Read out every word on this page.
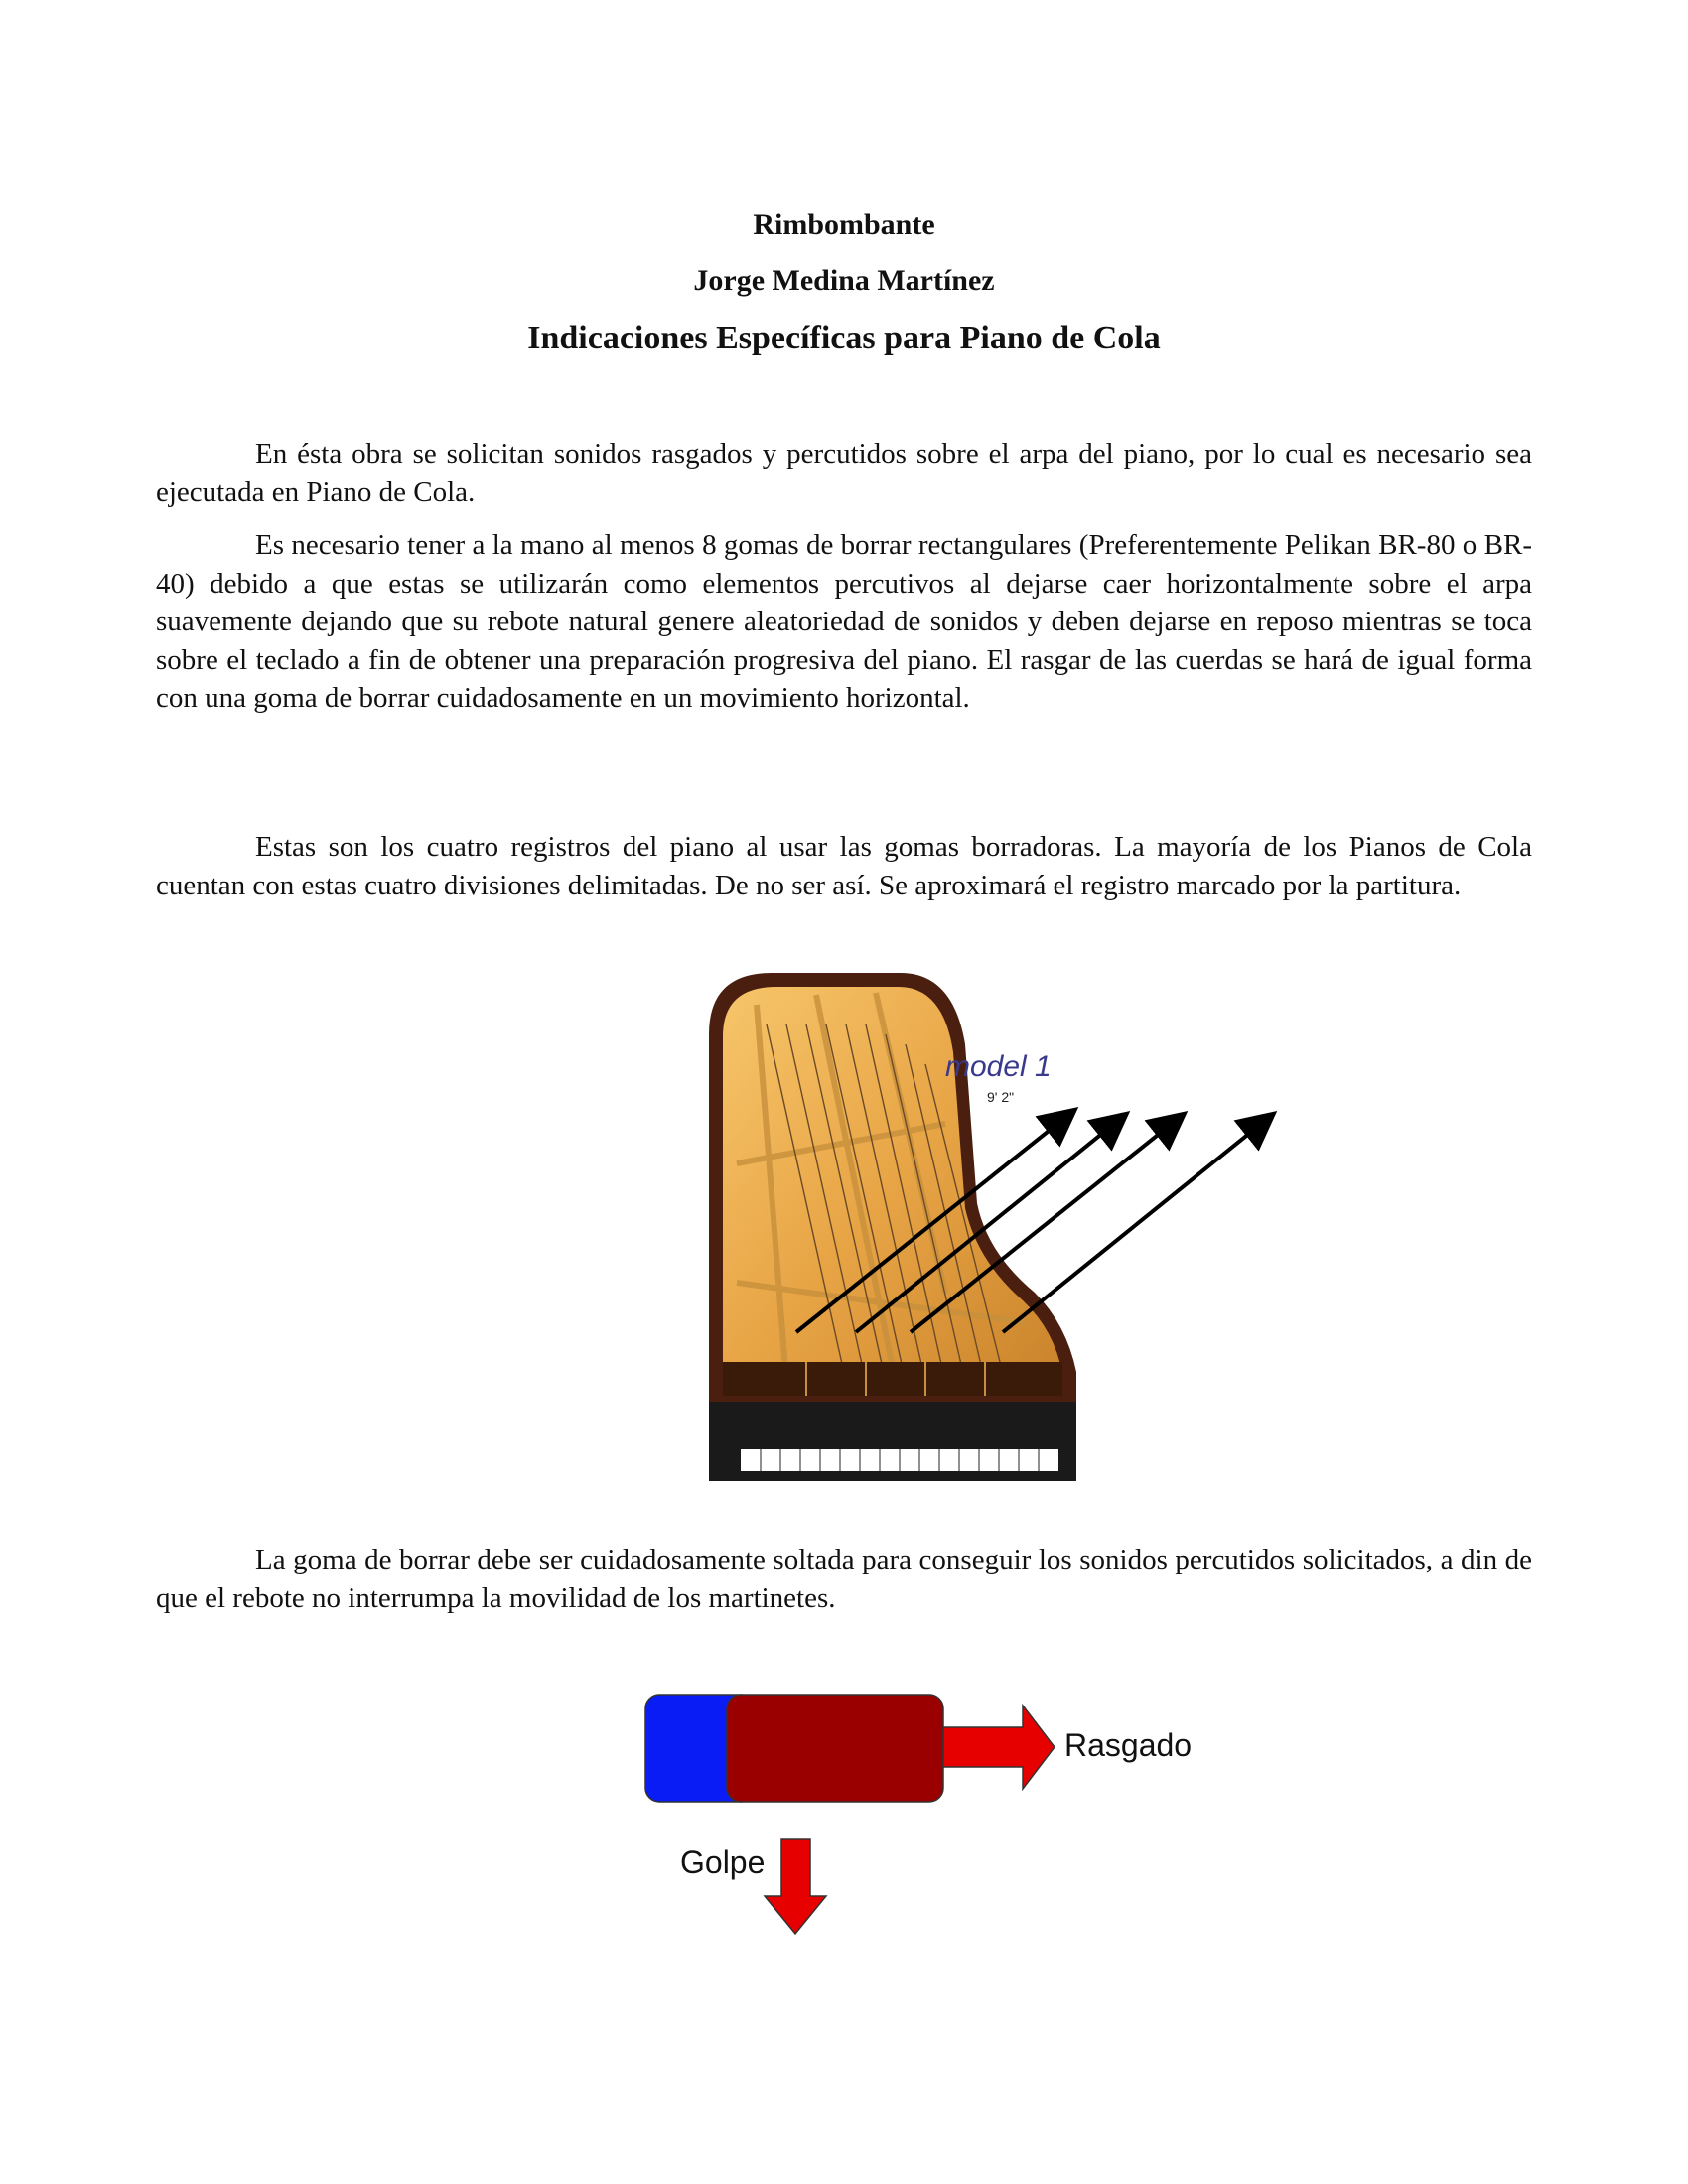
Rimbombante
Jorge Medina Martínez
Indicaciones Específicas para Piano de Cola

En ésta obra se solicitan sonidos rasgados y percutidos sobre el arpa del piano, por lo cual es necesario sea ejecutada en Piano de Cola.

Es necesario tener a la mano al menos 8 gomas de borrar rectangulares (Preferentemente Pelikan BR-80 o BR-40) debido a que estas se utilizarán como elementos percutivos al dejarse caer horizontalmente sobre el arpa suavemente dejando que su rebote natural genere aleatoriedad de sonidos y deben dejarse en reposo mientras se toca sobre el teclado a fin de obtener una preparación progresiva del piano. El rasgar de las cuerdas se hará de igual forma con una goma de borrar cuidadosamente en un movimiento horizontal.

Estas son los cuatro registros del piano al usar las gomas borradoras. La mayoría de los Pianos de Cola cuentan con estas cuatro divisiones delimitadas. De no ser así. Se aproximará el registro marcado por la partitura.

model 1
9' 2"

La goma de borrar debe ser cuidadosamente soltada para conseguir los sonidos percutidos solicitados, a din de que el rebote no interrumpa la movilidad de los martinetes.

Rasgado
Golpe
